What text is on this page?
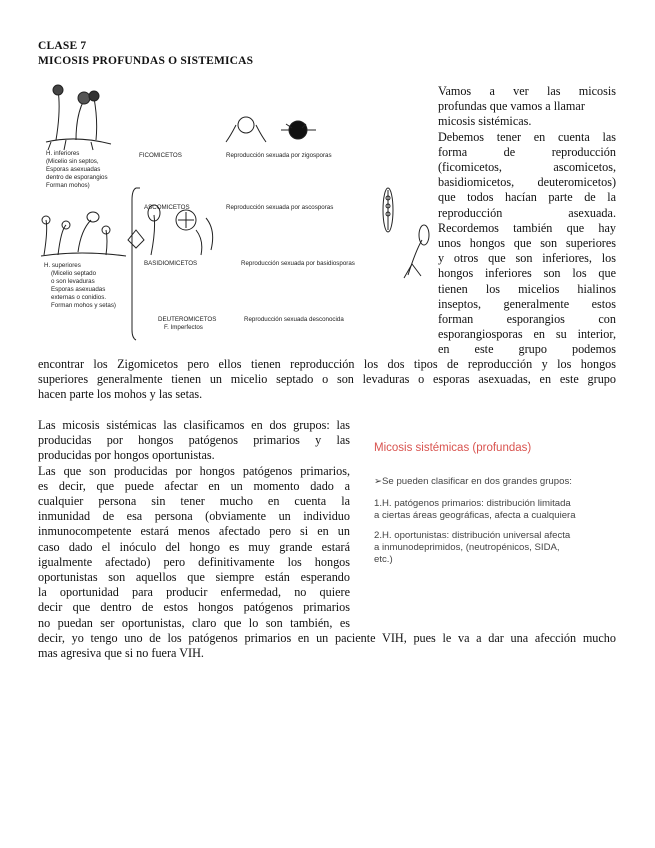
CLASE 7
MICOSIS PROFUNDAS O SISTEMICAS
H. inferiores
(Micelio sin septos,
Esporas asexuadas
dentro de esporangios
Forman mohos)
FICOMICETOS	Reproducción sexuada por zigosporas
ASCOMICETOS	Reproducción sexuada por ascosporas
BASIDIOMICETOS	Reproducción sexuada por basidiosporas
H. superiores
(Micelio septado
o son levaduras
Esporas asexuadas
externas o conidios.
Forman mohos y setas)
DEUTEROMICETOS
F. Imperfectos
Reproducción sexuada desconocida
Vamos a ver las micosis
profundas que vamos a llamar
micosis sistémicas.
Debemos tener en cuenta las
forma de reproducción
(ficomicetos, ascomicetos,
basidiomicetos, deuteromicetos)
que todos hacían parte de la
reproducción asexuada.
Recordemos también que hay
unos hongos que son superiores
y otros que son inferiores, los
hongos inferiores son los que
tienen los micelios hialinos
inseptos, generalmente estos
forman esporangios con
esporangiosporas en su interior,
en este grupo podemos
encontrar los Zigomicetos pero ellos tienen reproducción los dos tipos de reproducción y los hongos
superiores generalmente tienen un micelio septado o son levaduras o esporas asexuadas, en este grupo
hacen parte los mohos y las setas.
Las micosis sistémicas las clasificamos en dos grupos: las
producidas por hongos patógenos primarios y las
producidas por hongos oportunistas.
Las que son producidas por hongos patógenos primarios,
es decir, que puede afectar en un momento dado a
cualquier persona sin tener mucho en cuenta la
inmunidad de esa persona (obviamente un individuo
inmunocompetente estará menos afectado pero si en un
caso dado el inóculo del hongo es muy grande estará
igualmente afectado) pero definitivamente los hongos
oportunistas son aquellos que siempre están esperando
la oportunidad para producir enfermedad, no quiere
decir que dentro de estos hongos patógenos primarios
no puedan ser oportunistas, claro que lo son también, es
decir, yo tengo uno de los patógenos primarios en un paciente VIH, pues le va a dar una afección mucho
mas agresiva que si no fuera VIH.
Micosis sistémicas (profundas)
➢Se pueden clasificar en dos grandes grupos:
1.H. patógenos primarios: distribución limitada
a ciertas áreas geográficas, afecta a cualquiera
2.H. oportunistas: distribución universal afecta
a inmunodeprimidos, (neutropénicos, SIDA,
etc.)
